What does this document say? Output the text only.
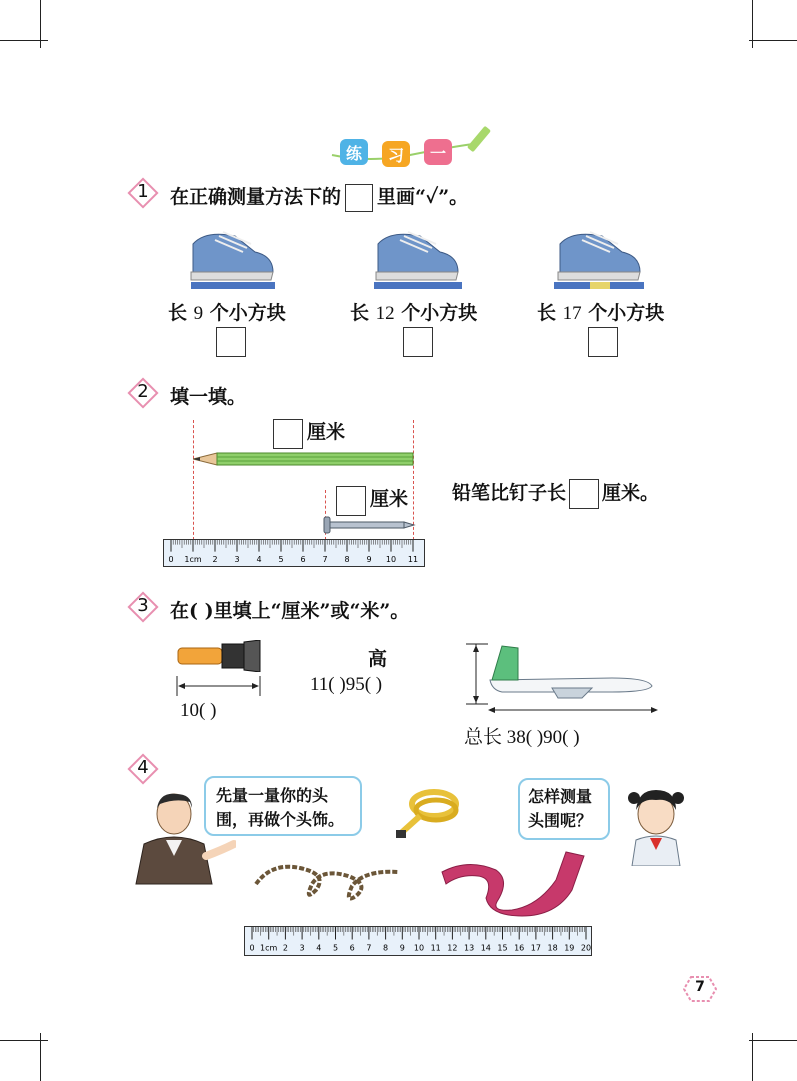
练 习 一
1	在正确测量方法下的 里画“✓”。
长 9 个小方块	长 12 个小方块	长 17 个小方块
2	填一填。
厘米
厘米
0 1cm 2 3 4 5 6 7 8 9 10 11
铅笔比钉子长 厘米。
3	在( )里填上“厘米”或“米”。
10( )
高
11( )95( )
总长 38( )90( )
4
先量一量你的头围，再做个头饰。
怎样测量头围呢？
0 1cm 2 3 4 5 6 7 8 9 10 11 12 13 14 15 16 17 18 19 20
7
